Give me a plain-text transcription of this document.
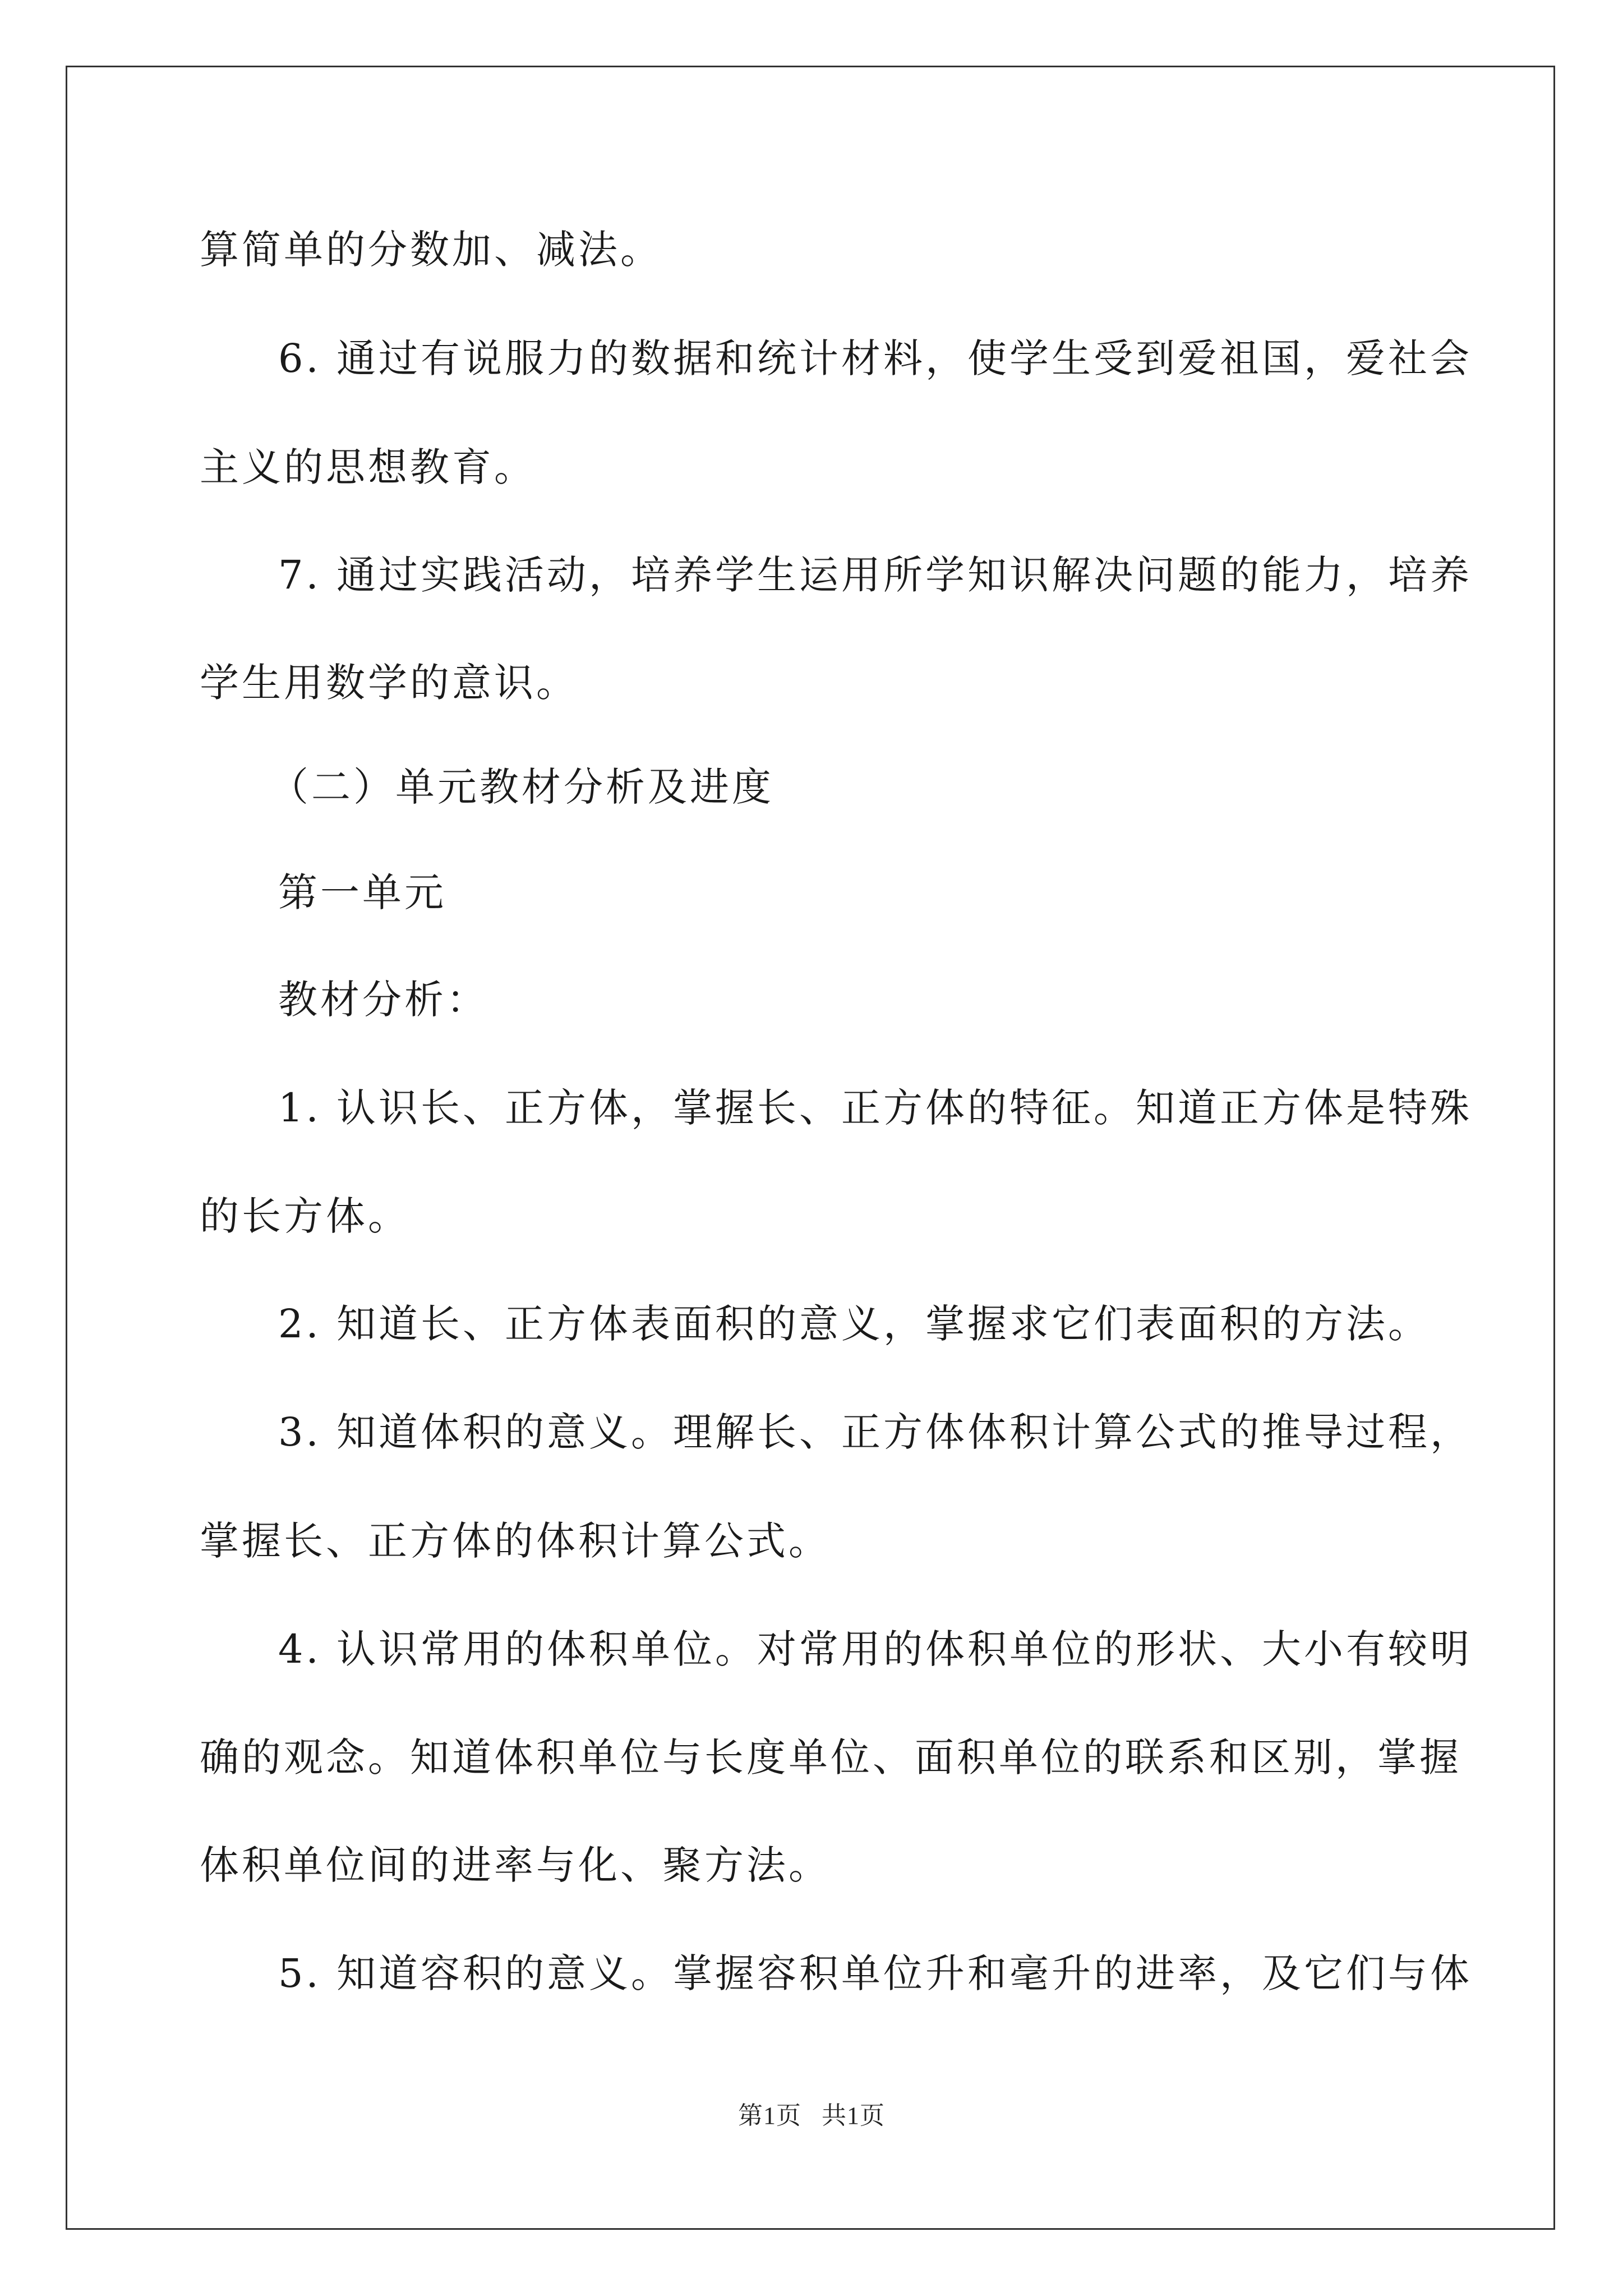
算简单的分数加、减法。
6. 通过有说服力的数据和统计材料，使学生受到爱祖国，爱社会
主义的思想教育。
7. 通过实践活动，培养学生运用所学知识解决问题的能力，培养
学生用数学的意识。
（二）单元教材分析及进度
第一单元
教材分析：
1. 认识长、正方体，掌握长、正方体的特征。知道正方体是特殊
的长方体。
2. 知道长、正方体表面积的意义，掌握求它们表面积的方法。
3. 知道体积的意义。理解长、正方体体积计算公式的推导过程，
掌握长、正方体的体积计算公式。
4. 认识常用的体积单位。对常用的体积单位的形状、大小有较明
确的观念。知道体积单位与长度单位、面积单位的联系和区别，掌握
体积单位间的进率与化、聚方法。
5. 知道容积的意义。掌握容积单位升和毫升的进率，及它们与体
第1页   共1页
